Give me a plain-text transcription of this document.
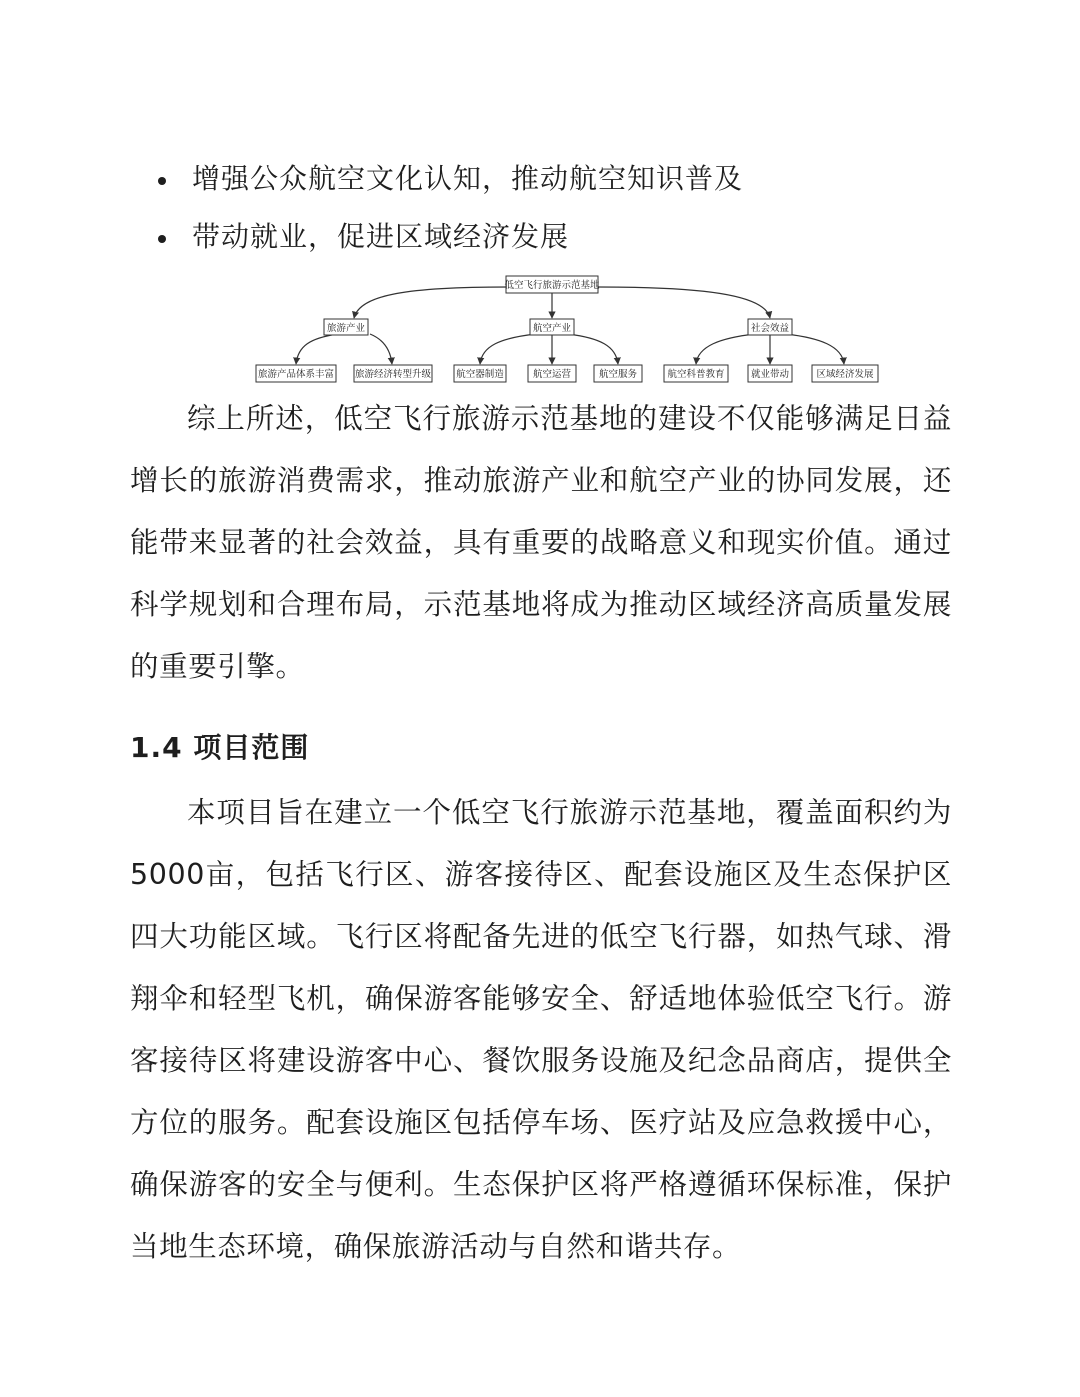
增强公众航空文化认知，推动航空知识普及
带动就业，促进区域经济发展
低空飞行旅游示范基地
旅游产业	航空产业	社会效益
旅游产品体系丰富 旅游经济转型升级	航空器制造	航空运营	航空服务	航空科普教育	就业带动	区域经济发展

综上所述，低空飞行旅游示范基地的建设不仅能够满足日益增长的旅游消费需求，推动旅游产业和航空产业的协同发展，还能带来显著的社会效益，具有重要的战略意义和现实价值。通过科学规划和合理布局，示范基地将成为推动区域经济高质量发展的重要引擎。

1.4 项目范围

本项目旨在建立一个低空飞行旅游示范基地，覆盖面积约为5000亩，包括飞行区、游客接待区、配套设施区及生态保护区四大功能区域。飞行区将配备先进的低空飞行器，如热气球、滑翔伞和轻型飞机，确保游客能够安全、舒适地体验低空飞行。游客接待区将建设游客中心、餐饮服务设施及纪念品商店，提供全方位的服务。配套设施区包括停车场、医疗站及应急救援中心，确保游客的安全与便利。生态保护区将严格遵循环保标准，保护当地生态环境，确保旅游活动与自然和谐共存。
